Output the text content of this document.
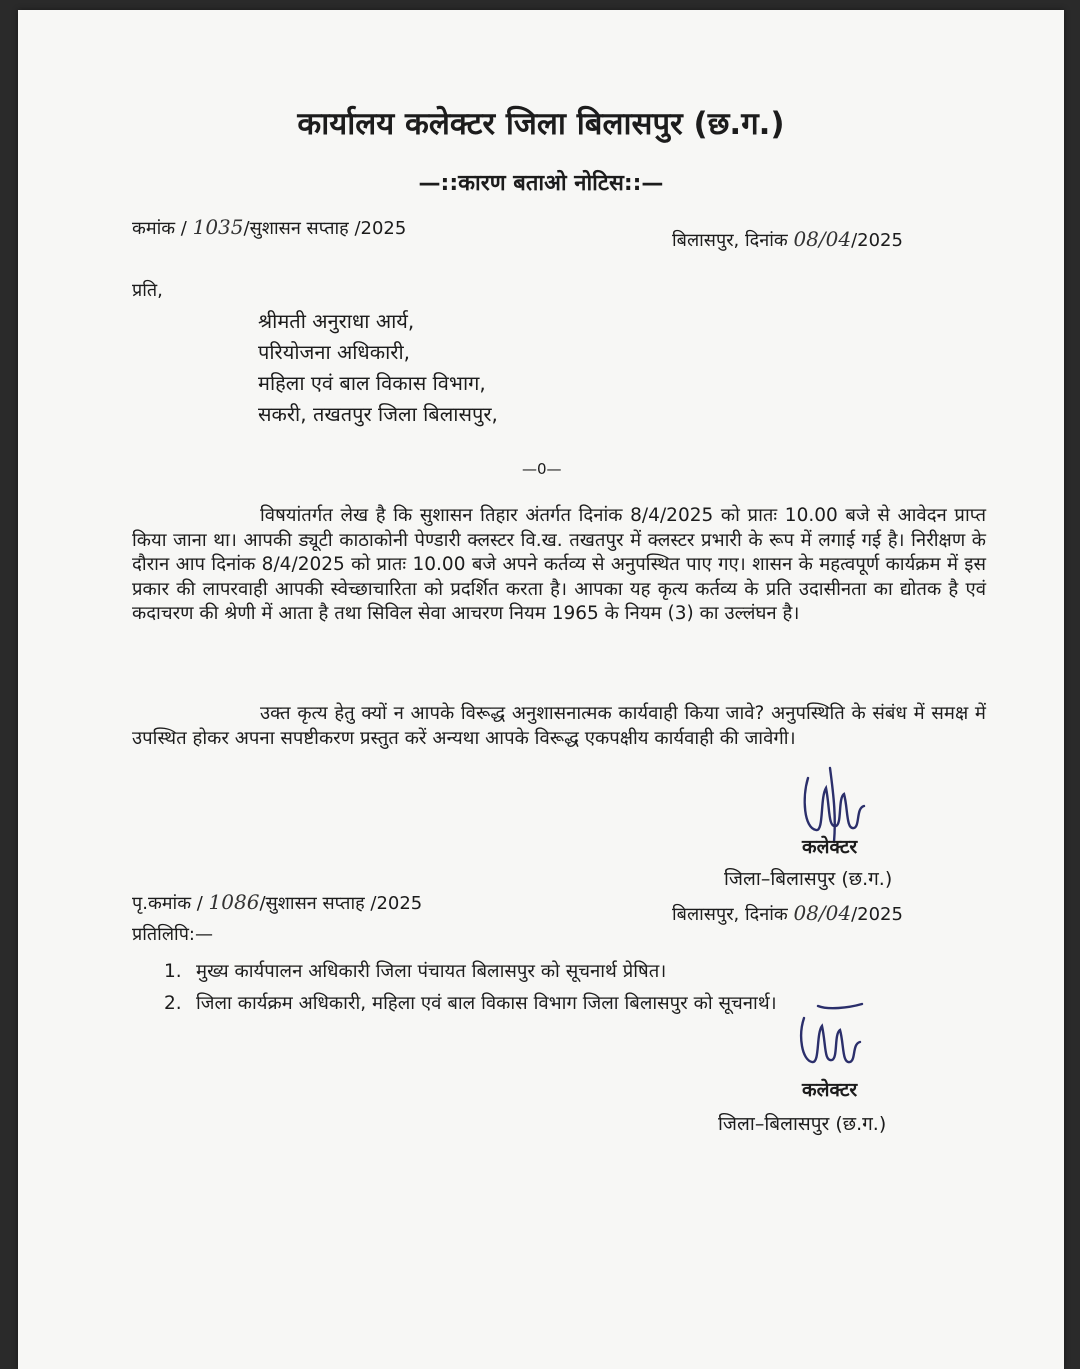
कार्यालय कलेक्टर जिला बिलासपुर (छ.ग.)
—::कारण बताओ नोटिस::—
कमांक / 1035/सुशासन सप्ताह /2025
बिलासपुर, दिनांक 08/04/2025
प्रति,
श्रीमती अनुराधा आर्य,
परियोजना अधिकारी,
महिला एवं बाल विकास विभाग,
सकरी, तखतपुर जिला बिलासपुर,
—0—
विषयांतर्गत लेख है कि सुशासन तिहार अंतर्गत दिनांक 8/4/2025 को प्रातः 10.00 बजे से आवेदन प्राप्त किया जाना था। आपकी ड्यूटी काठाकोनी पेण्डारी क्लस्टर वि.ख. तखतपुर में क्लस्टर प्रभारी के रूप में लगाई गई है। निरीक्षण के दौरान आप दिनांक 8/4/2025 को प्रातः 10.00 बजे अपने कर्तव्य से अनुपस्थित पाए गए। शासन के महत्वपूर्ण कार्यक्रम में इस प्रकार की लापरवाही आपकी स्वेच्छाचारिता को प्रदर्शित करता है। आपका यह कृत्य कर्तव्य के प्रति उदासीनता का द्योतक है एवं कदाचरण की श्रेणी में आता है तथा सिविल सेवा आचरण नियम 1965 के नियम (3) का उल्लंघन है।
उक्त कृत्य हेतु क्यों न आपके विरूद्ध अनुशासनात्मक कार्यवाही किया जावे? अनुपस्थिति के संबंध में समक्ष में उपस्थित होकर अपना सपष्टीकरण प्रस्तुत करें अन्यथा आपके विरूद्ध एकपक्षीय कार्यवाही की जावेगी।
कलेक्टर
जिला–बिलासपुर (छ.ग.)
पृ.कमांक / 1086/सुशासन सप्ताह /2025
बिलासपुर, दिनांक 08/04/2025
प्रतिलिपि:—
1. मुख्य कार्यपालन अधिकारी जिला पंचायत बिलासपुर को सूचनार्थ प्रेषित।
2. जिला कार्यक्रम अधिकारी, महिला एवं बाल विकास विभाग जिला बिलासपुर को सूचनार्थ।
कलेक्टर
जिला–बिलासपुर (छ.ग.)
